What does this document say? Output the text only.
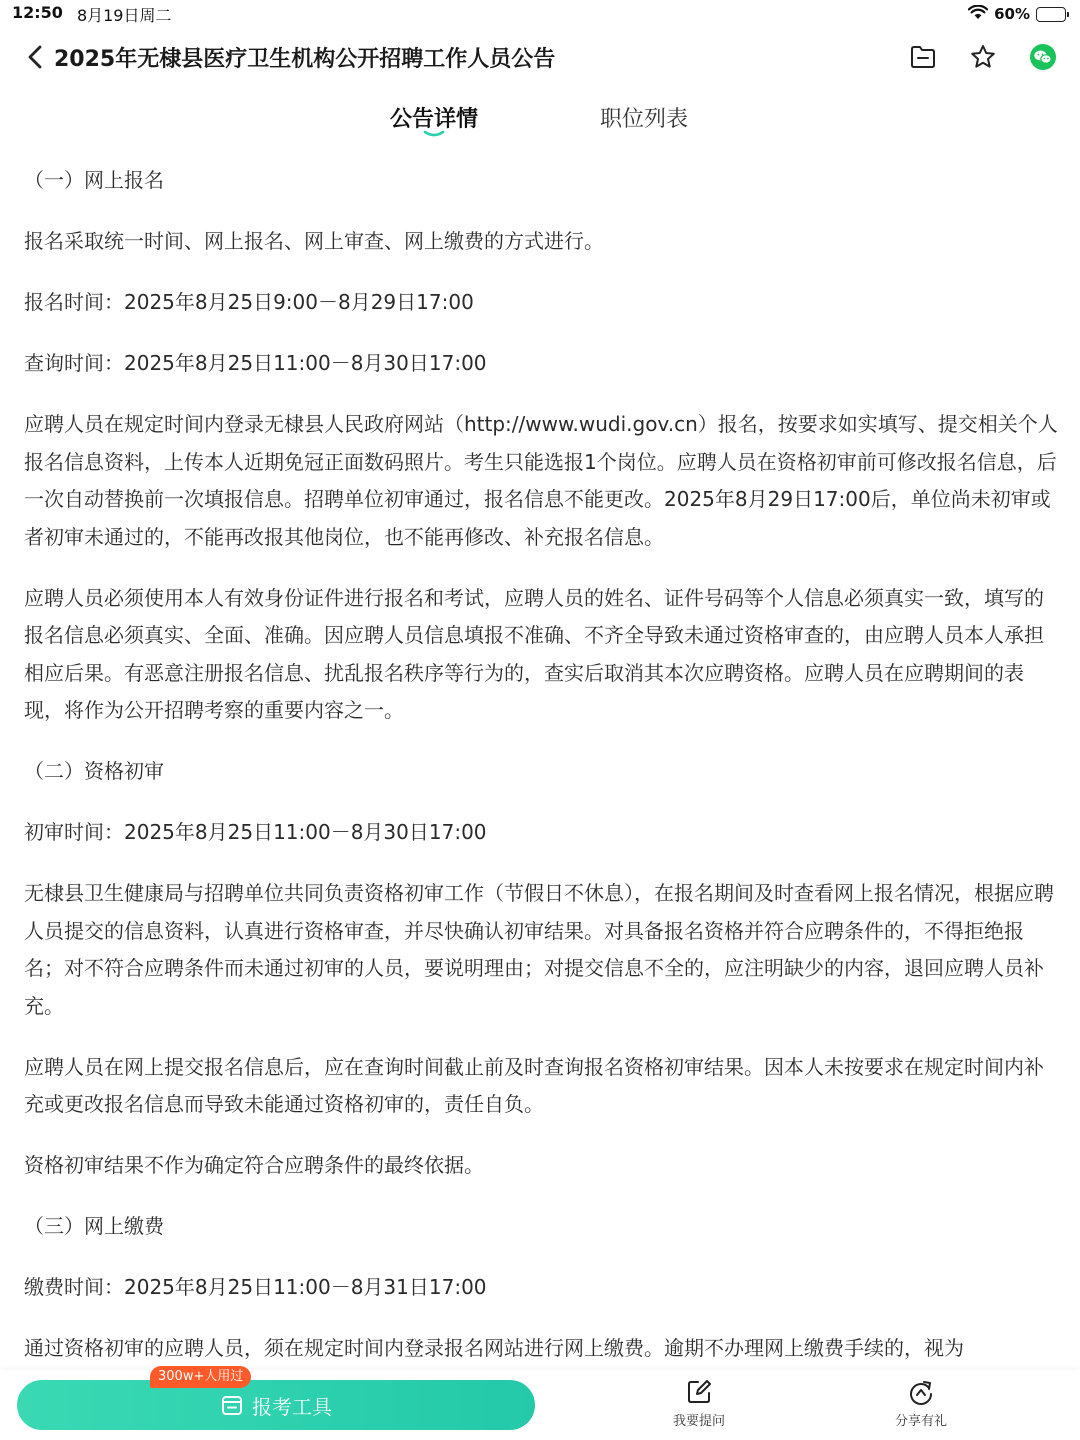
12:50 8月19日周二	60%
2025年无棣县医疗卫生机构公开招聘工作人员公告
公告详情	职位列表

（一）网上报名

报名采取统一时间、网上报名、网上审查、网上缴费的方式进行。

报名时间：2025年8月25日9:00－8月29日17:00

查询时间：2025年8月25日11:00－8月30日17:00

应聘人员在规定时间内登录无棣县人民政府网站（http://www.wudi.gov.cn）报名，按要求如实填写、提交相关个人报名信息资料，上传本人近期免冠正面数码照片。考生只能选报1个岗位。应聘人员在资格初审前可修改报名信息，后一次自动替换前一次填报信息。招聘单位初审通过，报名信息不能更改。2025年8月29日17:00后，单位尚未初审或者初审未通过的，不能再改报其他岗位，也不能再修改、补充报名信息。

应聘人员必须使用本人有效身份证件进行报名和考试，应聘人员的姓名、证件号码等个人信息必须真实一致，填写的报名信息必须真实、全面、准确。因应聘人员信息填报不准确、不齐全导致未通过资格审查的，由应聘人员本人承担相应后果。有恶意注册报名信息、扰乱报名秩序等行为的，查实后取消其本次应聘资格。应聘人员在应聘期间的表现，将作为公开招聘考察的重要内容之一。

（二）资格初审

初审时间：2025年8月25日11:00－8月30日17:00

无棣县卫生健康局与招聘单位共同负责资格初审工作（节假日不休息），在报名期间及时查看网上报名情况，根据应聘人员提交的信息资料，认真进行资格审查，并尽快确认初审结果。对具备报名资格并符合应聘条件的，不得拒绝报名；对不符合应聘条件而未通过初审的人员，要说明理由；对提交信息不全的，应注明缺少的内容，退回应聘人员补充。

应聘人员在网上提交报名信息后，应在查询时间截止前及时查询报名资格初审结果。因本人未按要求在规定时间内补充或更改报名信息而导致未能通过资格初审的，责任自负。

资格初审结果不作为确定符合应聘条件的最终依据。

（三）网上缴费

缴费时间：2025年8月25日11:00－8月31日17:00

通过资格初审的应聘人员，须在规定时间内登录报名网站进行网上缴费。逾期不办理网上缴费手续的，视为

报考工具
300w+人用过
我要提问	分享有礼
